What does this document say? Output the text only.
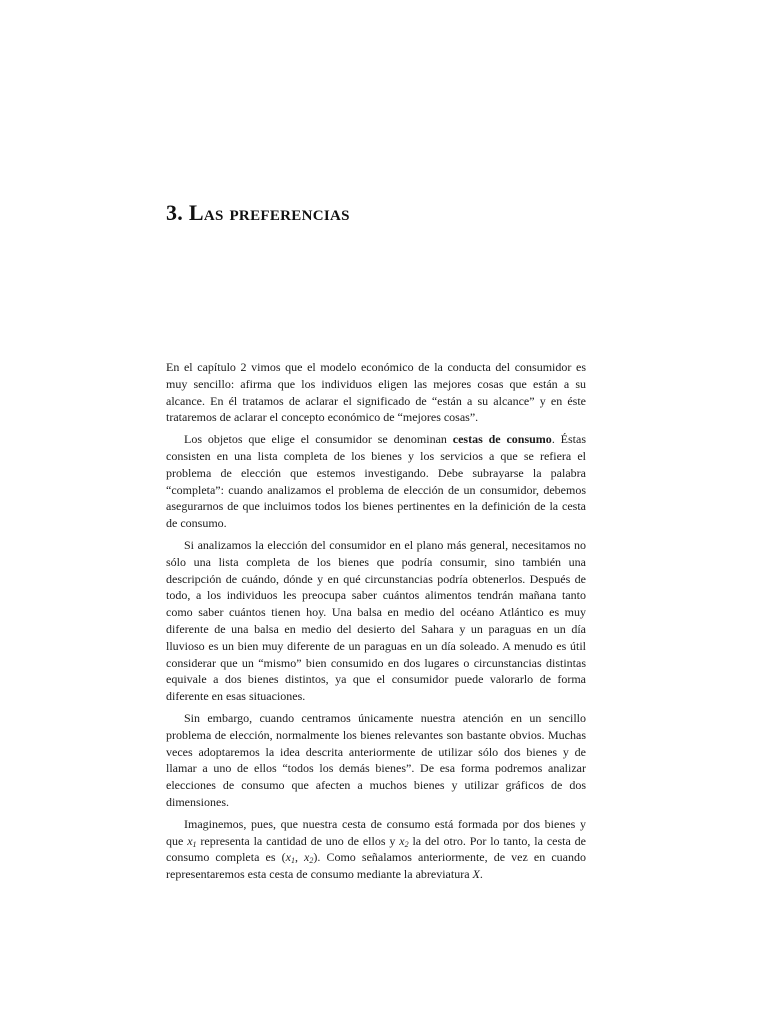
3. Las preferencias

En el capítulo 2 vimos que el modelo económico de la conducta del consumidor es muy sencillo: afirma que los individuos eligen las mejores cosas que están a su alcance. En él tratamos de aclarar el significado de “están a su alcance” y en éste trataremos de aclarar el concepto económico de “mejores cosas”.

Los objetos que elige el consumidor se denominan cestas de consumo. Éstas consisten en una lista completa de los bienes y los servicios a que se refiera el problema de elección que estemos investigando. Debe subrayarse la palabra “completa”: cuando analizamos el problema de elección de un consumidor, debemos asegurarnos de que incluimos todos los bienes pertinentes en la definición de la cesta de consumo.

Si analizamos la elección del consumidor en el plano más general, necesitamos no sólo una lista completa de los bienes que podría consumir, sino también una descripción de cuándo, dónde y en qué circunstancias podría obtenerlos. Después de todo, a los individuos les preocupa saber cuántos alimentos tendrán mañana tanto como saber cuántos tienen hoy. Una balsa en medio del océano Atlántico es muy diferente de una balsa en medio del desierto del Sahara y un paraguas en un día lluvioso es un bien muy diferente de un paraguas en un día soleado. A menudo es útil considerar que un “mismo” bien consumido en dos lugares o circunstancias distintas equivale a dos bienes distintos, ya que el consumidor puede valorarlo de forma diferente en esas situaciones.

Sin embargo, cuando centramos únicamente nuestra atención en un sencillo problema de elección, normalmente los bienes relevantes son bastante obvios. Muchas veces adoptaremos la idea descrita anteriormente de utilizar sólo dos bienes y de llamar a uno de ellos “todos los demás bienes”. De esa forma podremos analizar elecciones de consumo que afecten a muchos bienes y utilizar gráficos de dos dimensiones.

Imaginemos, pues, que nuestra cesta de consumo está formada por dos bienes y que $x_1$ representa la cantidad de uno de ellos y $x_2$ la del otro. Por lo tanto, la cesta de consumo completa es ($x_1$, $x_2$). Como señalamos anteriormente, de vez en cuando representaremos esta cesta de consumo mediante la abreviatura X.
